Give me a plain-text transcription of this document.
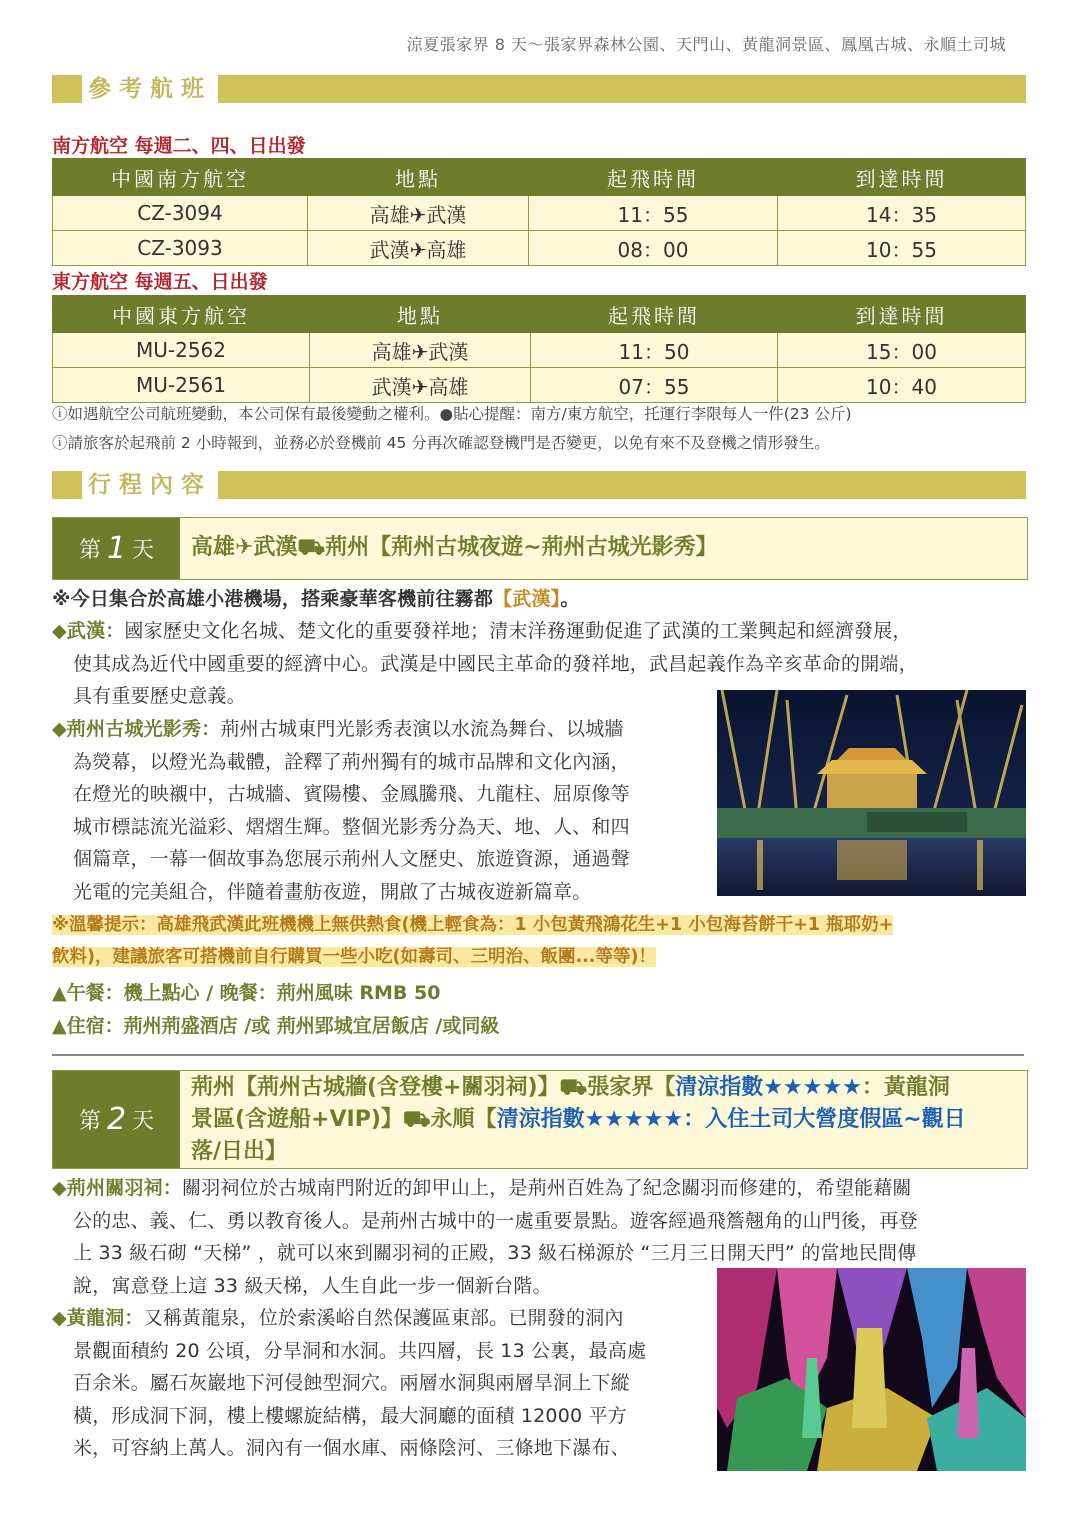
涼夏張家界 8 天～張家界森林公園、天門山、黃龍洞景區、鳳凰古城、永順土司城
參考航班
南方航空 每週二、四、日出發
中國南方航空	地點	起飛時間	到達時間
CZ-3094	高雄✈武漢	11：55	14：35
CZ-3093	武漢✈高雄	08：00	10：55
東方航空 每週五、日出發
中國東方航空	地點	起飛時間	到達時間
MU-2562	高雄✈武漢	11：50	15：00
MU-2561	武漢✈高雄	07：55	10：40
ⓘ如遇航空公司航班變動，本公司保有最後變動之權利。●貼心提醒：南方/東方航空，托運行李限每人一件(23 公斤)
ⓘ請旅客於起飛前 2 小時報到，並務必於登機前 45 分再次確認登機門是否變更，以免有來不及登機之情形發生。
行程內容
第 1 天 高雄✈武漢⛟荊州【荊州古城夜遊~荊州古城光影秀】
※今日集合於高雄小港機場，搭乘豪華客機前往霧都【武漢】。
◆武漢：國家歷史文化名城、楚文化的重要發祥地；清末洋務運動促進了武漢的工業興起和經濟發展，
使其成為近代中國重要的經濟中心。武漢是中國民主革命的發祥地，武昌起義作為辛亥革命的開端，
具有重要歷史意義。
◆荊州古城光影秀：荊州古城東門光影秀表演以水流為舞台、以城牆
為熒幕，以燈光為載體，詮釋了荊州獨有的城市品牌和文化內涵，
在燈光的映襯中，古城牆、賓陽樓、金鳳騰飛、九龍柱、屈原像等
城市標誌流光溢彩、熠熠生輝。整個光影秀分為天、地、人、和四
個篇章，一幕一個故事為您展示荊州人文歷史、旅遊資源，通過聲
光電的完美組合，伴隨着畫舫夜遊，開啟了古城夜遊新篇章。
※溫馨提示：高雄飛武漢此班機機上無供熱食(機上輕食為：1 小包黃飛鴻花生+1 小包海苔餅干+1 瓶耶奶+
飲料)，建議旅客可搭機前自行購買一些小吃(如壽司、三明治、飯團...等等)！
▲午餐：機上點心 / 晚餐：荊州風味 RMB 50
▲住宿：荊州荊盛酒店 /或 荊州郢城宜居飯店 /或同級
第 2 天
荊州【荊州古城牆(含登樓+關羽祠)】⛟張家界【清涼指數★★★★★：黃龍洞
景區(含遊船+VIP)】⛟永順【清涼指數★★★★★：入住土司大營度假區~觀日
落/日出】
◆荊州關羽祠：關羽祠位於古城南門附近的卸甲山上，是荊州百姓為了紀念關羽而修建的，希望能藉關
公的忠、義、仁、勇以教育後人。是荊州古城中的一處重要景點。遊客經過飛簷翹角的山門後，再登
上 33 級石砌 “天梯” ，就可以來到關羽祠的正殿，33 級石梯源於 “三月三日開天門” 的當地民間傳
說，寓意登上這 33 級天梯，人生自此一步一個新台階。
◆黃龍洞：又稱黃龍泉，位於索溪峪自然保護區東部。已開發的洞內
景觀面積約 20 公頃，分旱洞和水洞。共四層，長 13 公裏，最高處
百余米。屬石灰巖地下河侵蝕型洞穴。兩層水洞與兩層旱洞上下縱
橫，形成洞下洞，樓上樓螺旋結構，最大洞廳的面積 12000 平方
米，可容納上萬人。洞內有一個水庫、兩條陰河、三條地下瀑布、
